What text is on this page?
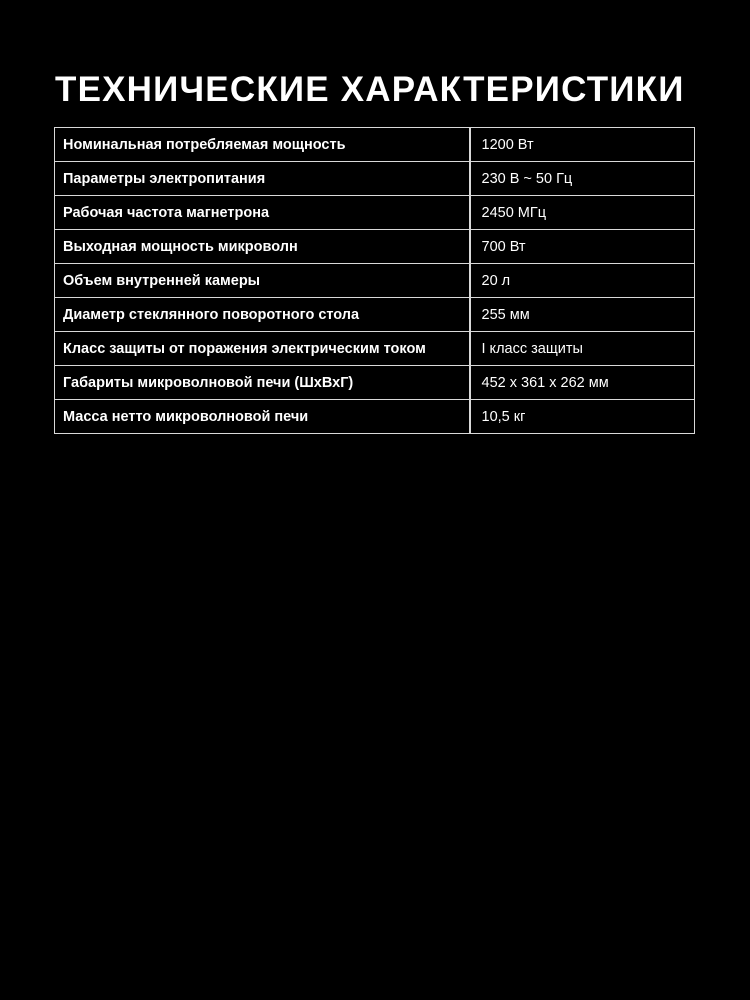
ТЕХНИЧЕСКИЕ ХАРАКТЕРИСТИКИ
Номинальная потребляемая мощность	1200 Вт
Параметры электропитания	230 В ~ 50 Гц
Рабочая частота магнетрона	2450 МГц
Выходная мощность микроволн	700 Вт
Объем внутренней камеры	20 л
Диаметр стеклянного поворотного стола	255 мм
Класс защиты от поражения электрическим током	I класс защиты
Габариты микроволновой печи (ШхВхГ)	452 х 361 х 262 мм
Масса нетто микроволновой печи	10,5 кг
